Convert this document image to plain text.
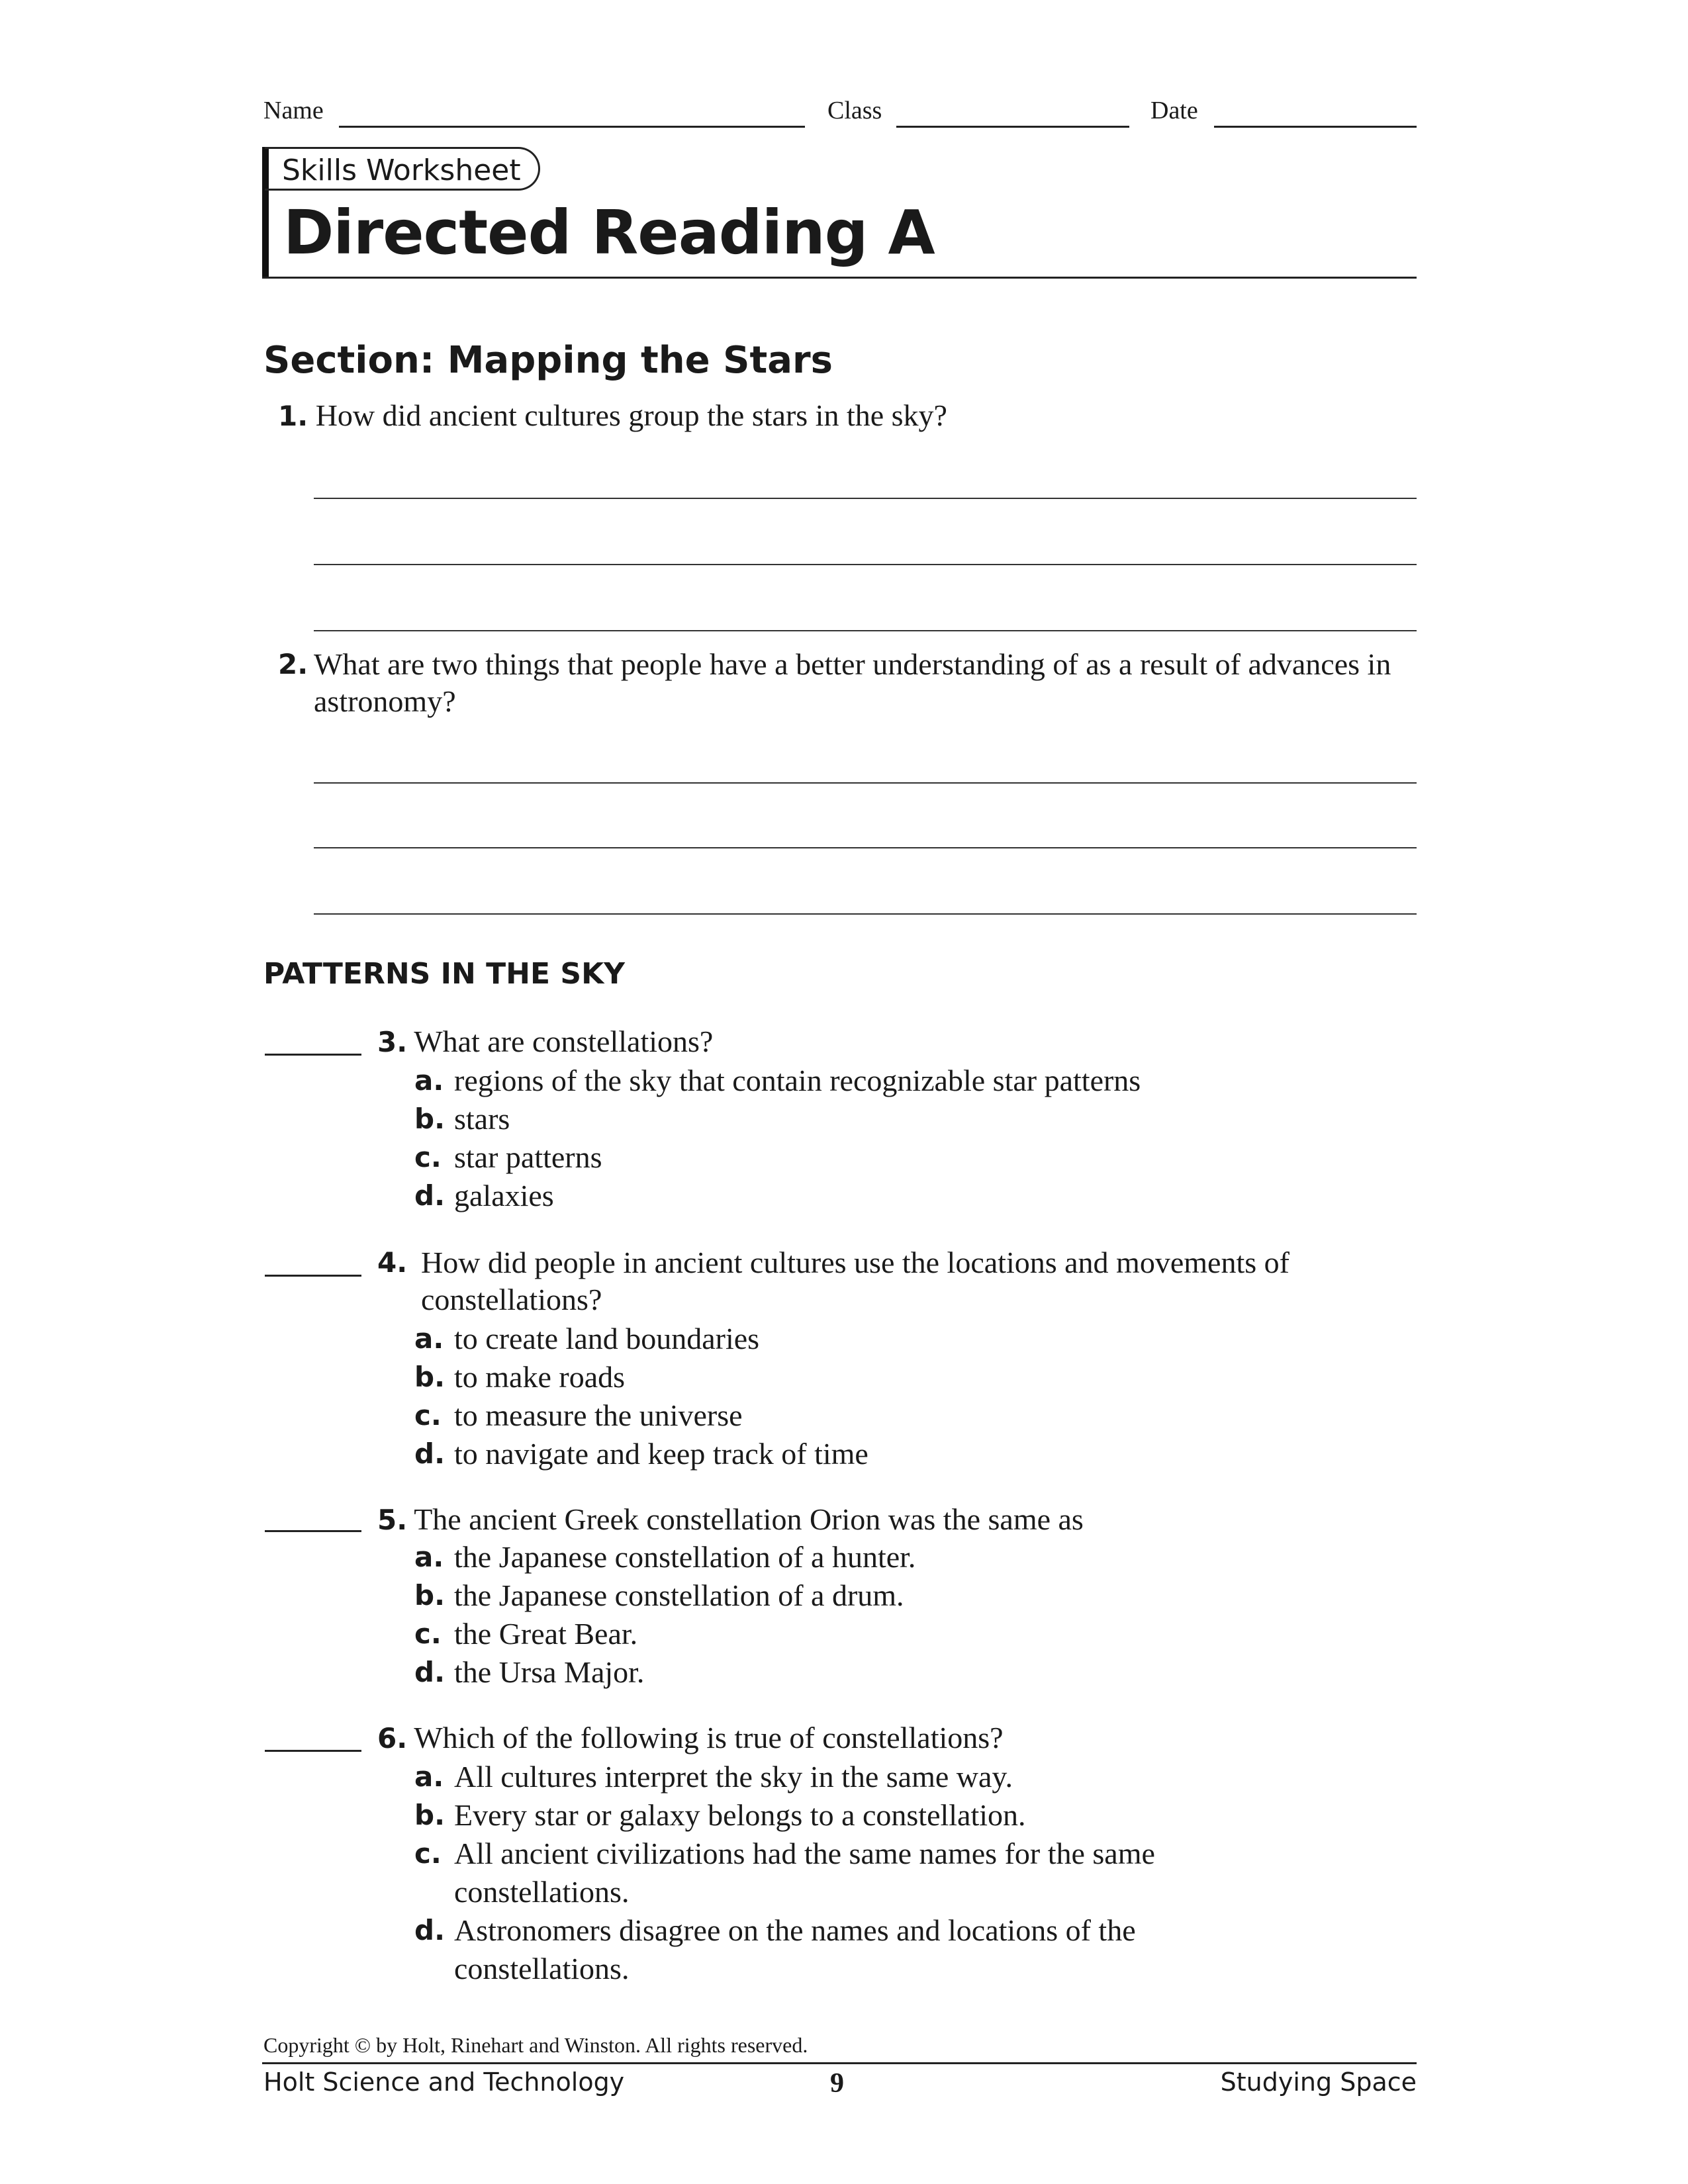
Name	Class	Date
Skills Worksheet
Directed Reading A
Section: Mapping the Stars
1. How did ancient cultures group the stars in the sky?
2. What are two things that people have a better understanding of as a result of advances in astronomy?
PATTERNS IN THE SKY
3. What are constellations?
a. regions of the sky that contain recognizable star patterns
b. stars
c. star patterns
d. galaxies
4. How did people in ancient cultures use the locations and movements of constellations?
a. to create land boundaries
b. to make roads
c. to measure the universe
d. to navigate and keep track of time
5. The ancient Greek constellation Orion was the same as
a. the Japanese constellation of a hunter.
b. the Japanese constellation of a drum.
c. the Great Bear.
d. the Ursa Major.
6. Which of the following is true of constellations?
a. All cultures interpret the sky in the same way.
b. Every star or galaxy belongs to a constellation.
c. All ancient civilizations had the same names for the same constellations.
d. Astronomers disagree on the names and locations of the constellations.
Copyright © by Holt, Rinehart and Winston. All rights reserved.
Holt Science and Technology	9	Studying Space
